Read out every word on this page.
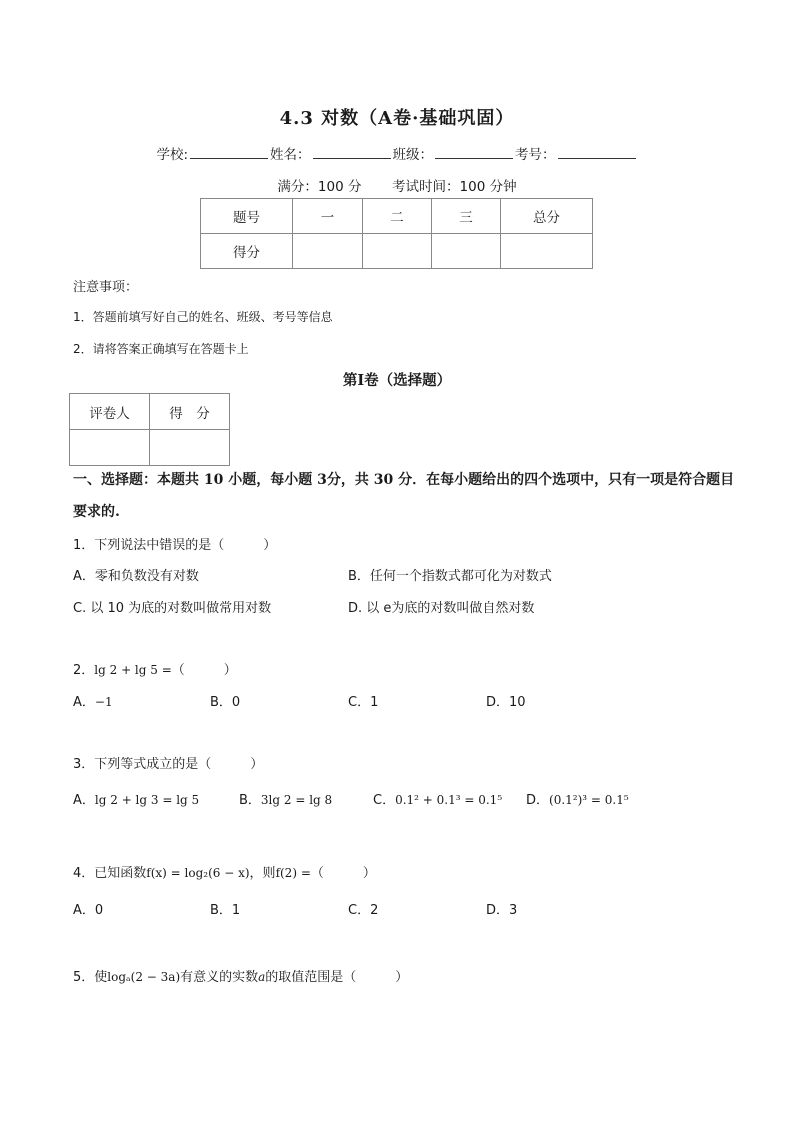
4.3 对数（A卷·基础巩固）
学校:	姓名：	班级：	考号：
满分：100 分 考试时间：100 分钟
题号	一	二	三	总分
得分				
注意事项：
1．答题前填写好自己的姓名、班级、考号等信息
2．请将答案正确填写在答题卡上
第Ⅰ卷（选择题）
评卷人	得　分

一、选择题：本题共 10 小题，每小题 3分，共 30 分．在每小题给出的四个选项中，只有一项是符合题目
要求的.
1．下列说法中错误的是（　　　）
A．零和负数没有对数	B．任何一个指数式都可化为对数式
C. 以 10 为底的对数叫做常用对数	D. 以 e为底的对数叫做自然对数
2．lg 2 + lg 5 =（　　　）
A．−1	B．0	C．1	D．10
3．下列等式成立的是（　　　）
A．lg 2 + lg 3 = lg 5	B．3lg 2 = lg 8	C．0.1² + 0.1³ = 0.1⁵ D．(0.1²)³ = 0.1⁵
4．已知函数f(x) = log₂(6 − x)，则f(2) =（　　　）
A．0	B．1	C．2	D．3
5．使logₐ(2 − 3a)有意义的实数a的取值范围是（　　　）
